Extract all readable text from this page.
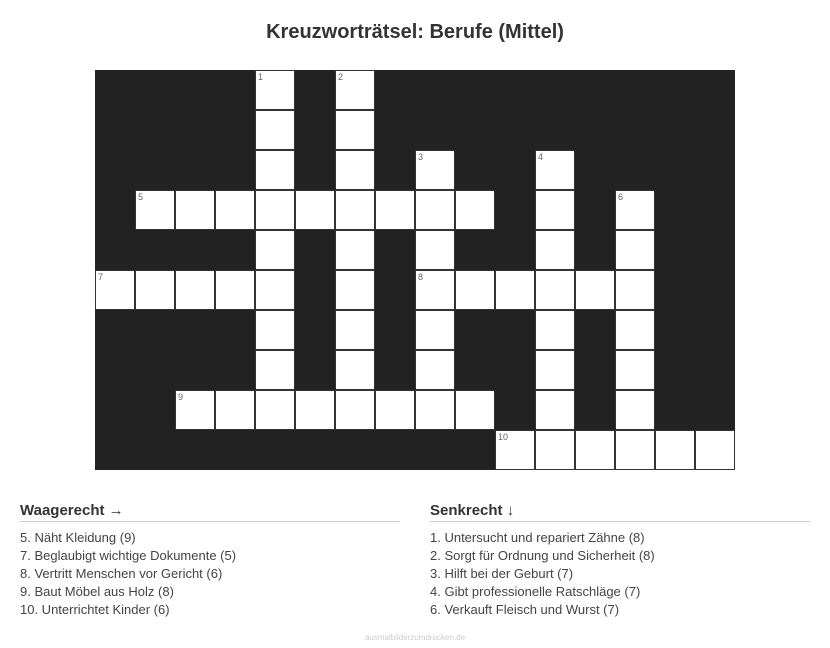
Kreuzworträtsel: Berufe (Mittel)
5
7	8
9
10
1	2
3	4
6
Waagerecht →
5. Näht Kleidung (9)
7. Beglaubigt wichtige Dokumente (5)
8. Vertritt Menschen vor Gericht (6)
9. Baut Möbel aus Holz (8)
10. Unterrichtet Kinder (6)
Senkrecht ↓
1. Untersucht und repariert Zähne (8)
2. Sorgt für Ordnung und Sicherheit (8)
3. Hilft bei der Geburt (7)
4. Gibt professionelle Ratschläge (7)
6. Verkauft Fleisch und Wurst (7)
ausmalbilderzumdrucken.de
